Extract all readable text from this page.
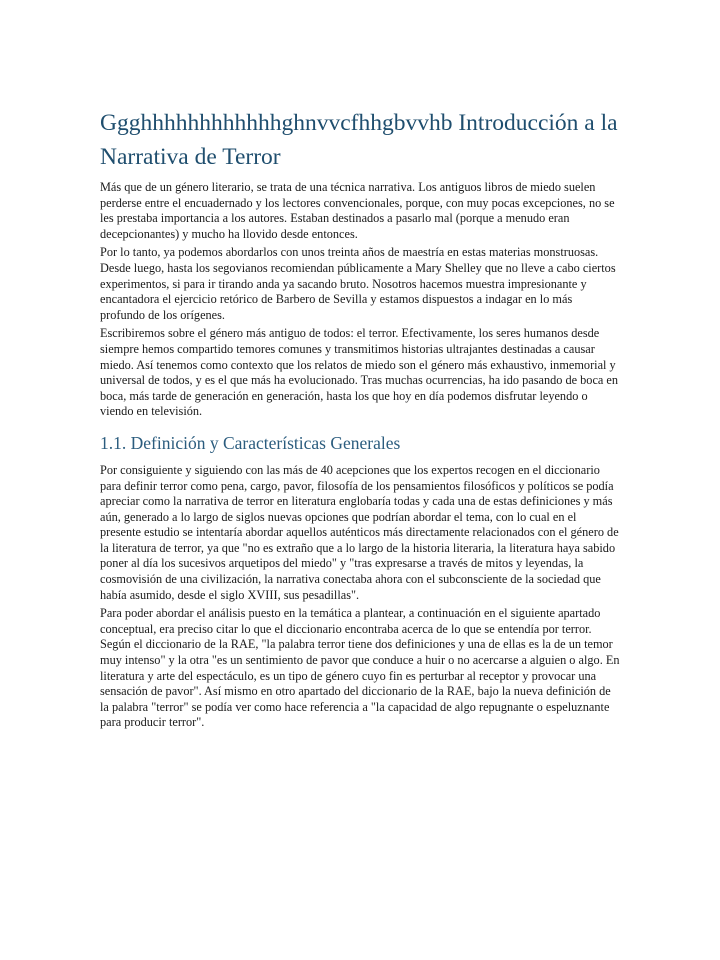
Ggghhhhhhhhhhhhghnvvcfhhgbvvhb Introducción a la Narrativa de Terror

Más que de un género literario, se trata de una técnica narrativa. Los antiguos libros de miedo suelen perderse entre el encuadernado y los lectores convencionales, porque, con muy pocas excepciones, no se les prestaba importancia a los autores. Estaban destinados a pasarlo mal (porque a menudo eran decepcionantes) y mucho ha llovido desde entonces.

Por lo tanto, ya podemos abordarlos con unos treinta años de maestría en estas materias monstruosas. Desde luego, hasta los segovianos recomiendan públicamente a Mary Shelley que no lleve a cabo ciertos experimentos, si para ir tirando anda ya sacando bruto. Nosotros hacemos muestra impresionante y encantadora el ejercicio retórico de Barbero de Sevilla y estamos dispuestos a indagar en lo más profundo de los orígenes.

Escribiremos sobre el género más antiguo de todos: el terror. Efectivamente, los seres humanos desde siempre hemos compartido temores comunes y transmitimos historias ultrajantes destinadas a causar miedo. Así tenemos como contexto que los relatos de miedo son el género más exhaustivo, inmemorial y universal de todos, y es el que más ha evolucionado. Tras muchas ocurrencias, ha ido pasando de boca en boca, más tarde de generación en generación, hasta los que hoy en día podemos disfrutar leyendo o viendo en televisión.

1.1. Definición y Características Generales

Por consiguiente y siguiendo con las más de 40 acepciones que los expertos recogen en el diccionario para definir terror como pena, cargo, pavor, filosofía de los pensamientos filosóficos y políticos se podía apreciar como la narrativa de terror en literatura englobaría todas y cada una de estas definiciones y más aún, generado a lo largo de siglos nuevas opciones que podrían abordar el tema, con lo cual en el presente estudio se intentaría abordar aquellos auténticos más directamente relacionados con el género de la literatura de terror, ya que "no es extraño que a lo largo de la historia literaria, la literatura haya sabido poner al día los sucesivos arquetipos del miedo" y "tras expresarse a través de mitos y leyendas, la cosmovisión de una civilización, la narrativa conectaba ahora con el subconsciente de la sociedad que había asumido, desde el siglo XVIII, sus pesadillas".

Para poder abordar el análisis puesto en la temática a plantear, a continuación en el siguiente apartado conceptual, era preciso citar lo que el diccionario encontraba acerca de lo que se entendía por terror. Según el diccionario de la RAE, "la palabra terror tiene dos definiciones y una de ellas es la de un temor muy intenso" y la otra "es un sentimiento de pavor que conduce a huir o no acercarse a alguien o algo. En literatura y arte del espectáculo, es un tipo de género cuyo fin es perturbar al receptor y provocar una sensación de pavor". Así mismo en otro apartado del diccionario de la RAE, bajo la nueva definición de la palabra "terror" se podía ver como hace referencia a "la capacidad de algo repugnante o espeluznante para producir terror".
